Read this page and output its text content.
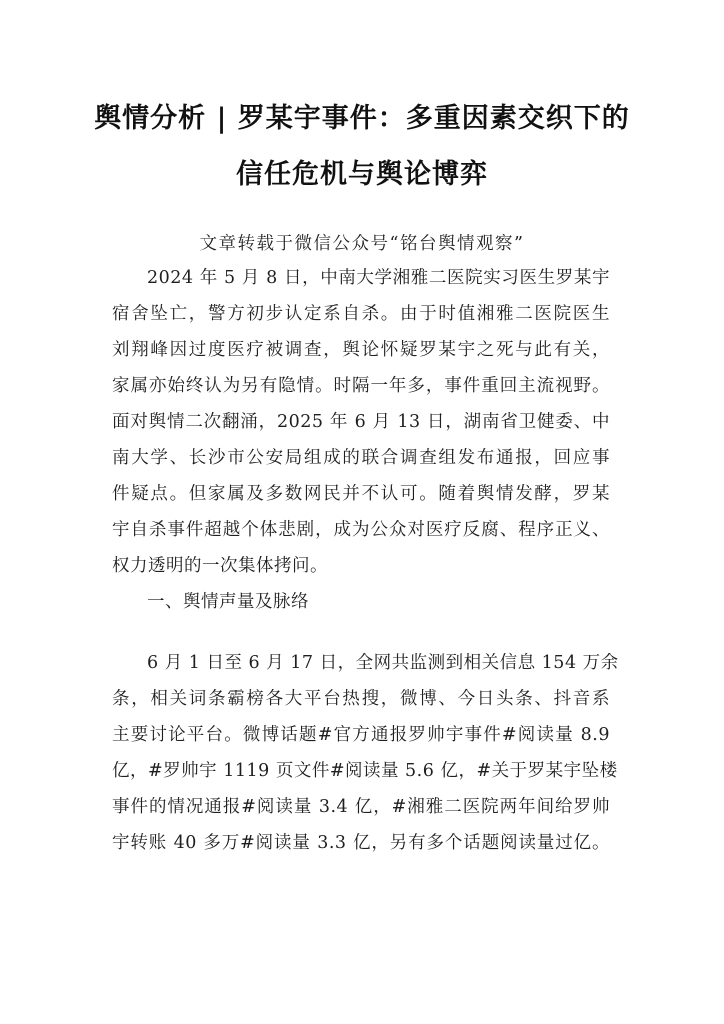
舆情分析 | 罗某宇事件：多重因素交织下的
信任危机与舆论博弈
文章转载于微信公众号“铭台舆情观察”
2024 年 5 月 8 日，中南大学湘雅二医院实习医生罗某宇
宿舍坠亡，警方初步认定系自杀。由于时值湘雅二医院医生
刘翔峰因过度医疗被调查，舆论怀疑罗某宇之死与此有关，
家属亦始终认为另有隐情。时隔一年多，事件重回主流视野。
面对舆情二次翻涌，2025 年 6 月 13 日，湖南省卫健委、中
南大学、长沙市公安局组成的联合调查组发布通报，回应事
件疑点。但家属及多数网民并不认可。随着舆情发酵，罗某
宇自杀事件超越个体悲剧，成为公众对医疗反腐、程序正义、
权力透明的一次集体拷问。
一、舆情声量及脉络
6 月 1 日至 6 月 17 日，全网共监测到相关信息 154 万余
条，相关词条霸榜各大平台热搜，微博、今日头条、抖音系
主要讨论平台。微博话题#官方通报罗帅宇事件#阅读量 8.9
亿，#罗帅宇 1119 页文件#阅读量 5.6 亿，#关于罗某宇坠楼
事件的情况通报#阅读量 3.4 亿，#湘雅二医院两年间给罗帅
宇转账 40 多万#阅读量 3.3 亿，另有多个话题阅读量过亿。
